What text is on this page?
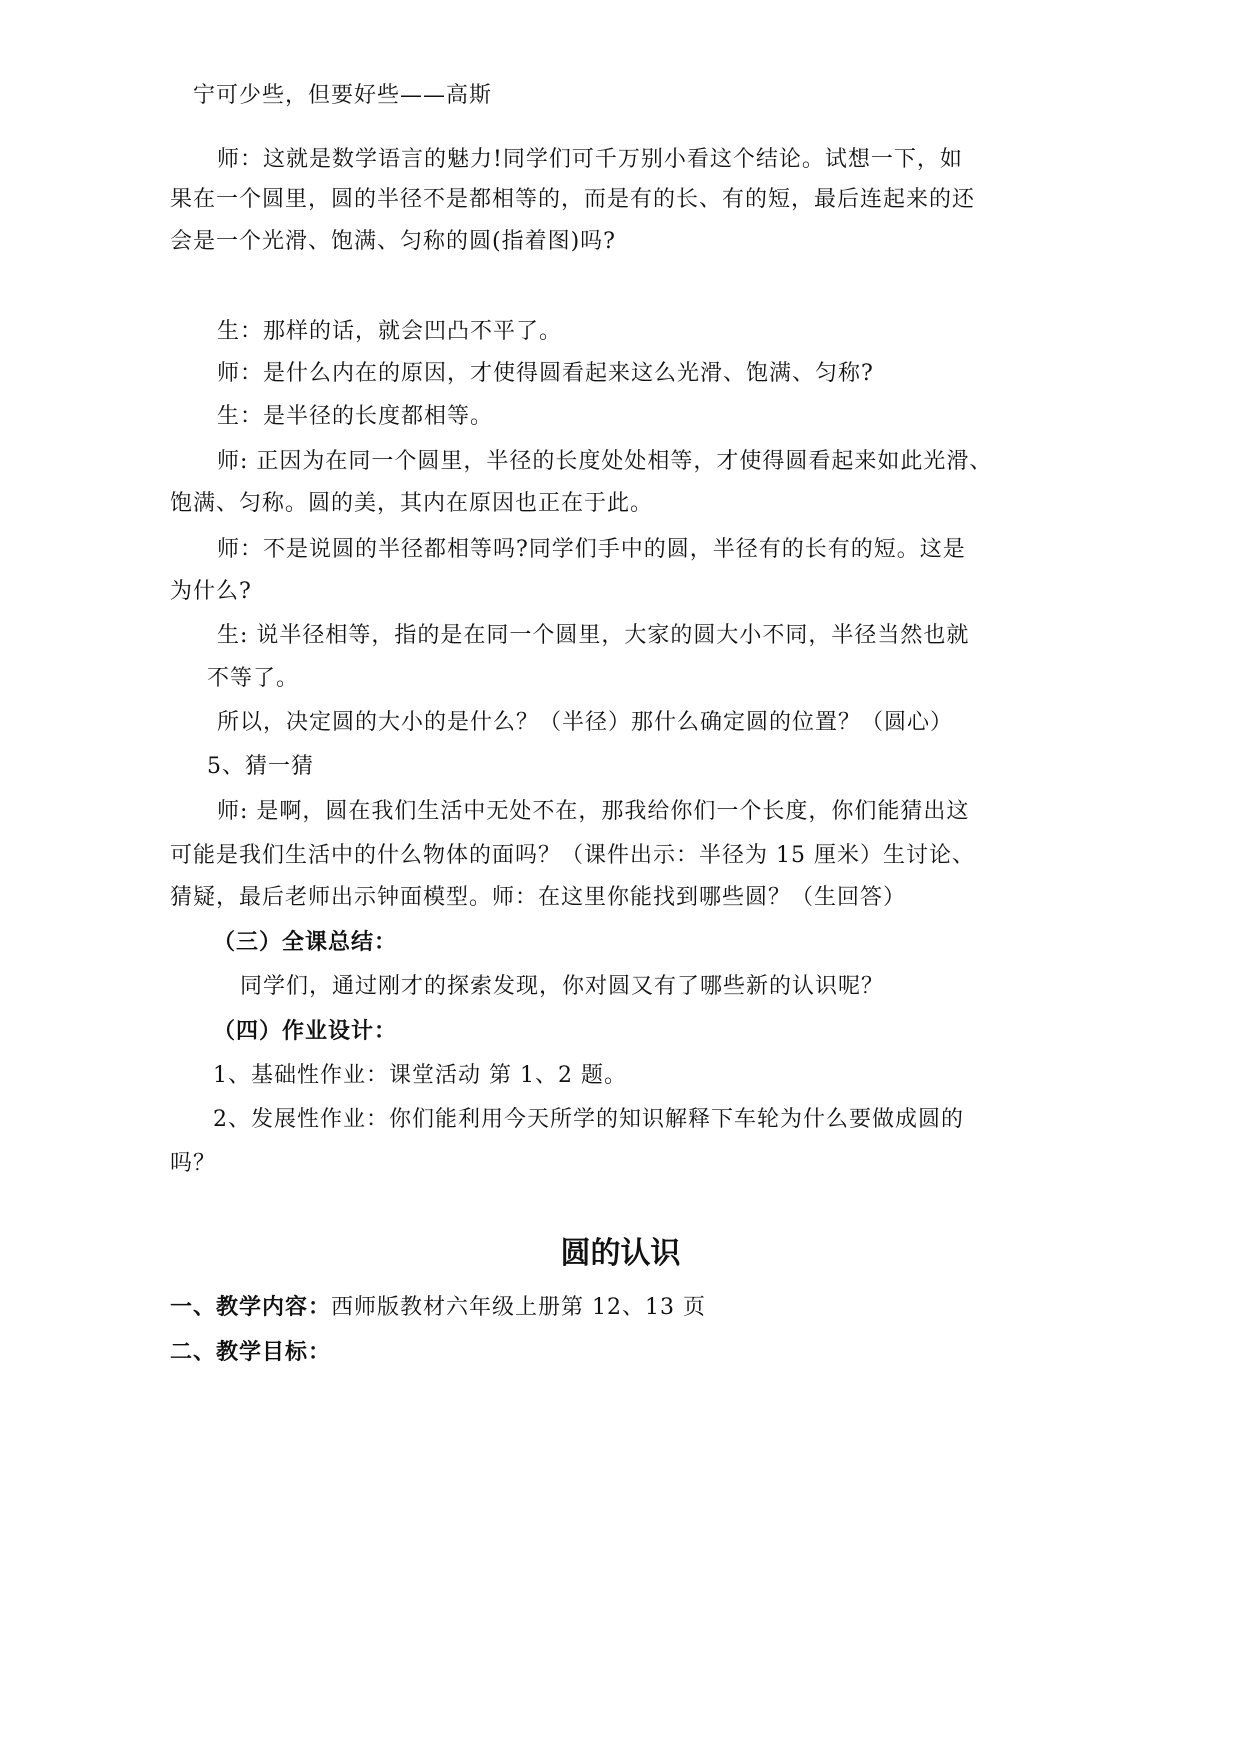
宁可少些，但要好些——高斯
师：这就是数学语言的魅力!同学们可千万别小看这个结论。试想一下，如
果在一个圆里，圆的半径不是都相等的，而是有的长、有的短，最后连起来的还
会是一个光滑、饱满、匀称的圆(指着图)吗?
生：那样的话，就会凹凸不平了。
师：是什么内在的原因，才使得圆看起来这么光滑、饱满、匀称?
生：是半径的长度都相等。
师: 正因为在同一个圆里，半径的长度处处相等，才使得圆看起来如此光滑、
饱满、匀称。圆的美，其内在原因也正在于此。
师：不是说圆的半径都相等吗?同学们手中的圆，半径有的长有的短。这是
为什么?
生: 说半径相等，指的是在同一个圆里，大家的圆大小不同，半径当然也就
不等了。
所以，决定圆的大小的是什么？（半径）那什么确定圆的位置？（圆心）
5、猜一猜
师: 是啊，圆在我们生活中无处不在，那我给你们一个长度，你们能猜出这
可能是我们生活中的什么物体的面吗？（课件出示：半径为 15 厘米）生讨论、
猜疑，最后老师出示钟面模型。师：在这里你能找到哪些圆？（生回答）
（三）全课总结：
同学们，通过刚才的探索发现，你对圆又有了哪些新的认识呢？
（四）作业设计：
1、基础性作业：课堂活动 第 1、2 题。
2、发展性作业：你们能利用今天所学的知识解释下车轮为什么要做成圆的
吗？
圆的认识
一、教学内容：西师版教材六年级上册第 12、13 页
二、教学目标：
